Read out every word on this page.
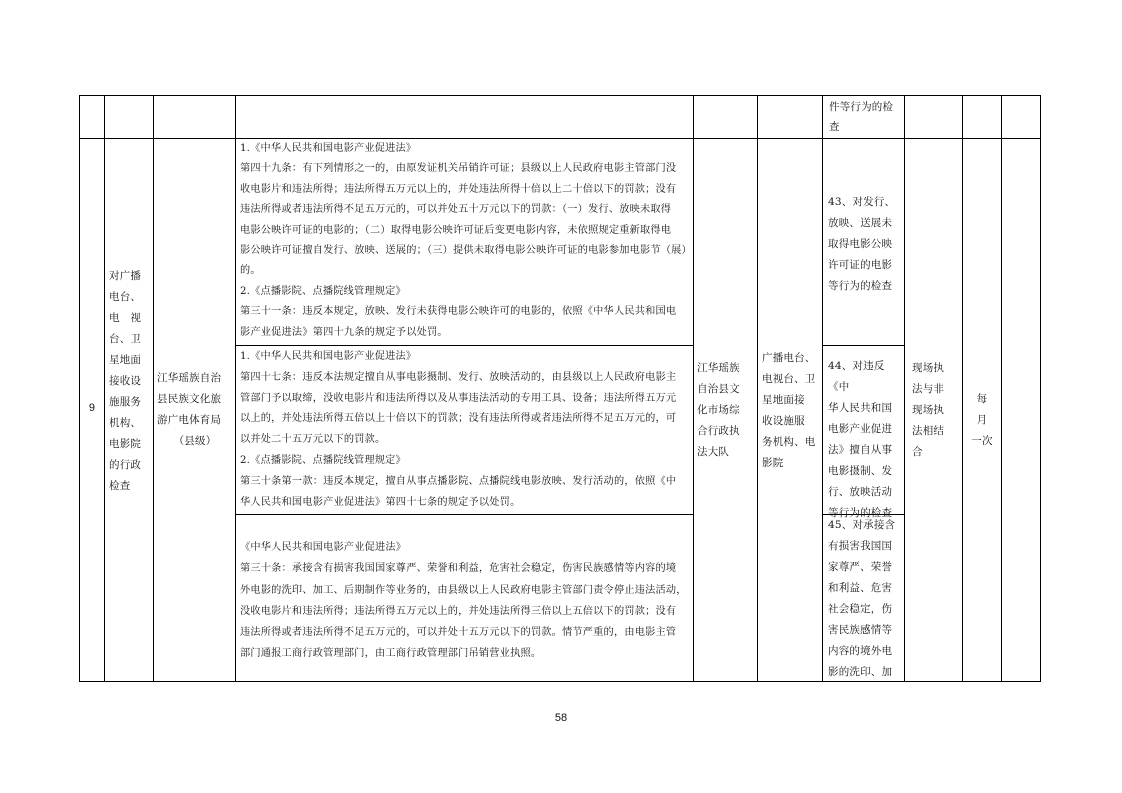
件等行为的检查
9
对广播
电台、
电　视
台、卫
星地面
接收设
施服务
机构、
电影院
的行政
检查
江华瑶族自治
县民族文化旅
游广电体育局
（县级）
1.《中华人民共和国电影产业促进法》
第四十九条：有下列情形之一的，由原发证机关吊销许可证；县级以上人民政府电影主管部门没
收电影片和违法所得；违法所得五万元以上的，并处违法所得十倍以上二十倍以下的罚款；没有
违法所得或者违法所得不足五万元的，可以并处五十万元以下的罚款：（一）发行、放映未取得
电影公映许可证的电影的；（二）取得电影公映许可证后变更电影内容，未依照规定重新取得电
影公映许可证擅自发行、放映、送展的；（三）提供未取得电影公映许可证的电影参加电影节（展）
的。
2.《点播影院、点播院线管理规定》
第三十一条：违反本规定，放映、发行未获得电影公映许可的电影的，依照《中华人民共和国电
影产业促进法》第四十九条的规定予以处罚。
1.《中华人民共和国电影产业促进法》
第四十七条：违反本法规定擅自从事电影摄制、发行、放映活动的，由县级以上人民政府电影主
管部门予以取缔，没收电影片和违法所得以及从事违法活动的专用工具、设备；违法所得五万元
以上的，并处违法所得五倍以上十倍以下的罚款；没有违法所得或者违法所得不足五万元的，可
以并处二十五万元以下的罚款。
2.《点播影院、点播院线管理规定》
第三十条第一款：违反本规定，擅自从事点播影院、点播院线电影放映、发行活动的，依照《中
华人民共和国电影产业促进法》第四十七条的规定予以处罚。
《中华人民共和国电影产业促进法》
第三十条：承接含有损害我国国家尊严、荣誉和利益，危害社会稳定，伤害民族感情等内容的境
外电影的洗印、加工、后期制作等业务的，由县级以上人民政府电影主管部门责令停止违法活动，
没收电影片和违法所得；违法所得五万元以上的，并处违法所得三倍以上五倍以下的罚款；没有
违法所得或者违法所得不足五万元的，可以并处十五万元以下的罚款。情节严重的，由电影主管
部门通报工商行政管理部门，由工商行政管理部门吊销营业执照。
江华瑶族
自治县文
化市场综
合行政执
法大队
广播电台、
电视台、卫
星地面接
收设施服
务机构、电
影院
43、对发行、
放映、送展未
取得电影公映
许可证的电影
等行为的检查
44、对违反《中
华人民共和国
电影产业促进
法》擅自从事
电影摄制、发
行、放映活动
等行为的检查
45、对承接含
有损害我国国
家尊严、荣誉
和利益、危害
社会稳定，伤
害民族感情等
内容的境外电
影的洗印、加
现场执
法与非
现场执
法相结
合
每　月
一次
58
